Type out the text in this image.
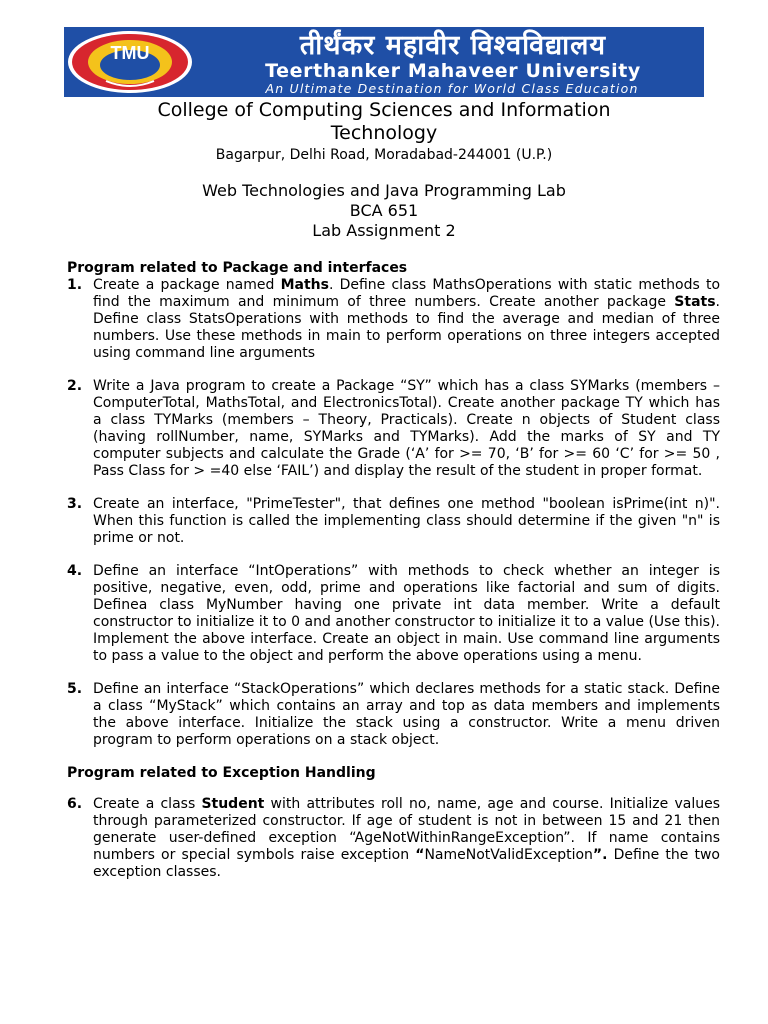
TMU	तीर्थंकर महावीर विश्वविद्यालय
Teerthanker Mahaveer University
An Ultimate Destination for World Class Education
College of Computing Sciences and Information
Technology
Bagarpur, Delhi Road, Moradabad-244001 (U.P.)
Web Technologies and Java Programming Lab
BCA 651
Lab Assignment 2
Program related to Package and interfaces
1. Create a package named Maths. Define class MathsOperations with static methods to find the maximum and minimum of three numbers. Create another package Stats. Define class StatsOperations with methods to find the average and median of three numbers. Use these methods in main to perform operations on three integers accepted using command line arguments
2. Write a Java program to create a Package “SY” which has a class SYMarks (members – ComputerTotal, MathsTotal, and ElectronicsTotal). Create another package TY which has a class TYMarks (members – Theory, Practicals). Create n objects of Student class (having rollNumber, name, SYMarks and TYMarks). Add the marks of SY and TY computer subjects and calculate the Grade (‘A’ for >= 70, ‘B’ for >= 60 ‘C’ for >= 50 , Pass Class for > =40 else ‘FAIL’) and display the result of the student in proper format.
3. Create an interface, "PrimeTester", that defines one method "boolean isPrime(int n)". When this function is called the implementing class should determine if the given "n" is prime or not.
4. Define an interface “IntOperations” with methods to check whether an integer is positive, negative, even, odd, prime and operations like factorial and sum of digits. Definea class MyNumber having one private int data member. Write a default constructor to initialize it to 0 and another constructor to initialize it to a value (Use this). Implement the above interface. Create an object in main. Use command line arguments to pass a value to the object and perform the above operations using a menu.
5. Define an interface “StackOperations” which declares methods for a static stack. Define a class “MyStack” which contains an array and top as data members and implements the above interface. Initialize the stack using a constructor. Write a menu driven program to perform operations on a stack object.
Program related to Exception Handling
6. Create a class Student with attributes roll no, name, age and course. Initialize values through parameterized constructor. If age of student is not in between 15 and 21 then generate user-defined exception “AgeNotWithinRangeException”. If name contains numbers or special symbols raise exception “NameNotValidException”. Define the two exception classes.
